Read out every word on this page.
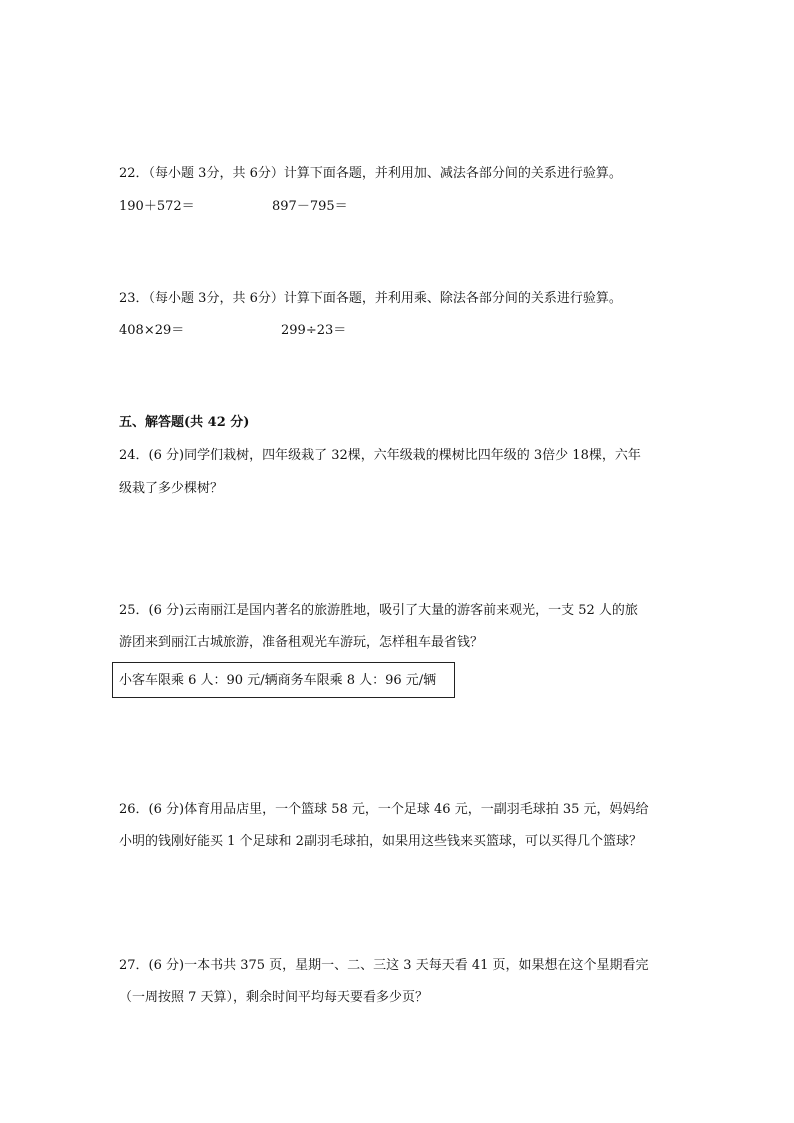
22．（每小题 3分，共 6分）计算下面各题，并利用加、减法各部分间的关系进行验算。
190＋572＝	897－795＝
23．（每小题 3分，共 6分）计算下面各题，并利用乘、除法各部分间的关系进行验算。
408×29＝	299÷23＝
五、解答题(共 42 分)
24．(6 分)同学们栽树，四年级栽了 32棵，六年级栽的棵树比四年级的 3倍少 18棵，六年
级栽了多少棵树？
25．(6 分)云南丽江是国内著名的旅游胜地，吸引了大量的游客前来观光，一支 52 人的旅
游团来到丽江古城旅游，准备租观光车游玩，怎样租车最省钱？
小客车限乘 6 人：90 元/辆商务车限乘 8 人：96 元/辆
26．(6 分)体育用品店里，一个篮球 58 元，一个足球 46 元，一副羽毛球拍 35 元，妈妈给
小明的钱刚好能买 1 个足球和 2副羽毛球拍，如果用这些钱来买篮球，可以买得几个篮球？
27．(6 分)一本书共 375 页，星期一、二、三这 3 天每天看 41 页，如果想在这个星期看完
（一周按照 7 天算），剩余时间平均每天要看多少页？
